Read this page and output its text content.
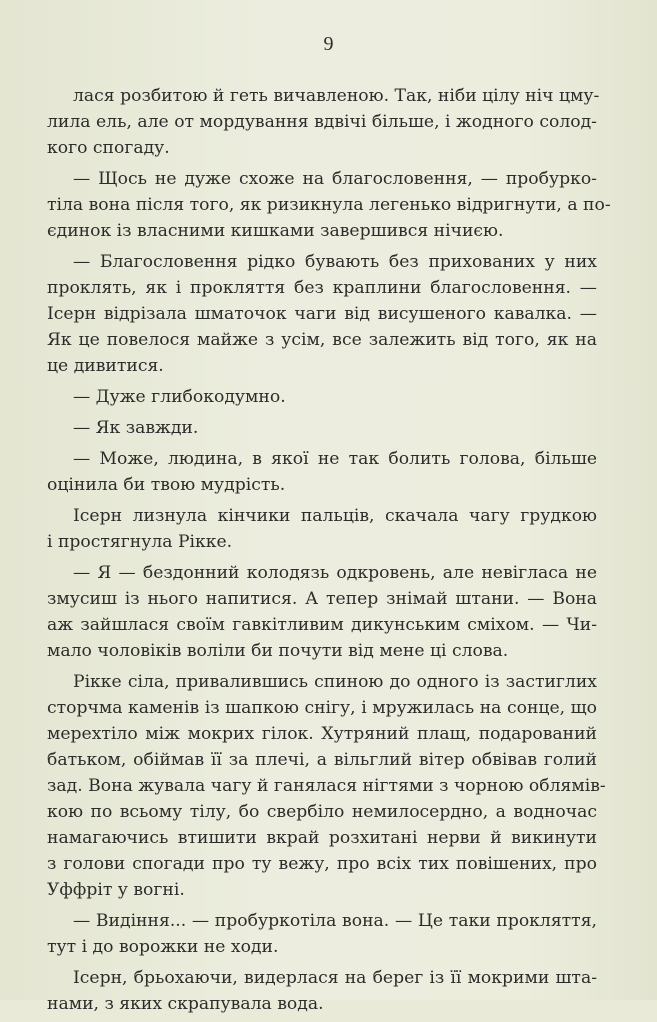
9
лася розбитою й геть вичавленою. Так, ніби цілу ніч цму-
лила ель, але от мордування вдвічі більше, і жодного солод-
кого спогаду.
— Щось не дуже схоже на благословення, — пробурко-
тіла вона після того, як ризикнула легенько відригнути, а по-
єдинок із власними кишками завершився нічиєю.
— Благословення рідко бувають без прихованих у них
проклять, як і прокляття без краплини благословення. —
Ісерн відрізала шматочок чаги від висушеного кавалка. —
Як це повелося майже з усім, все залежить від того, як на
це дивитися.
— Дуже глибокодумно.
— Як завжди.
— Може, людина, в якої не так болить голова, більше
оцінила би твою мудрість.
Ісерн лизнула кінчики пальців, скачала чагу грудкою
і простягнула Рікке.
— Я — бездонний колодязь одкровень, але невіглаcа не
змусиш із нього напитися. А тепер знімай штани. — Вона
аж зайшлася своїм гавкітливим дикунським сміхом. — Чи-
мало чоловіків воліли би почути від мене ці слова.
Рікке сіла, привалившись спиною до одного із застиглих
сторчма каменів із шапкою снігу, і мружилась на сонце, що
мерехтіло між мокрих гілок. Хутряний плащ, подарований
батьком, обіймав її за плечі, а вільглий вітер обвівав голий
зад. Вона жувала чагу й ганялася нігтями з чорною облямів-
кою по всьому тілу, бо свербіло немилосердно, а водночас
намагаючись втишити вкрай розхитані нерви й викинути
з голови спогади про ту вежу, про всіх тих повішених, про
Уффріт у вогні.
— Видіння... — пробуркотіла вона. — Це таки прокляття,
тут і до ворожки не ходи.
Ісерн, брьохаючи, видерлася на берег із її мокрими шта-
нами, з яких скрапувала вода.
